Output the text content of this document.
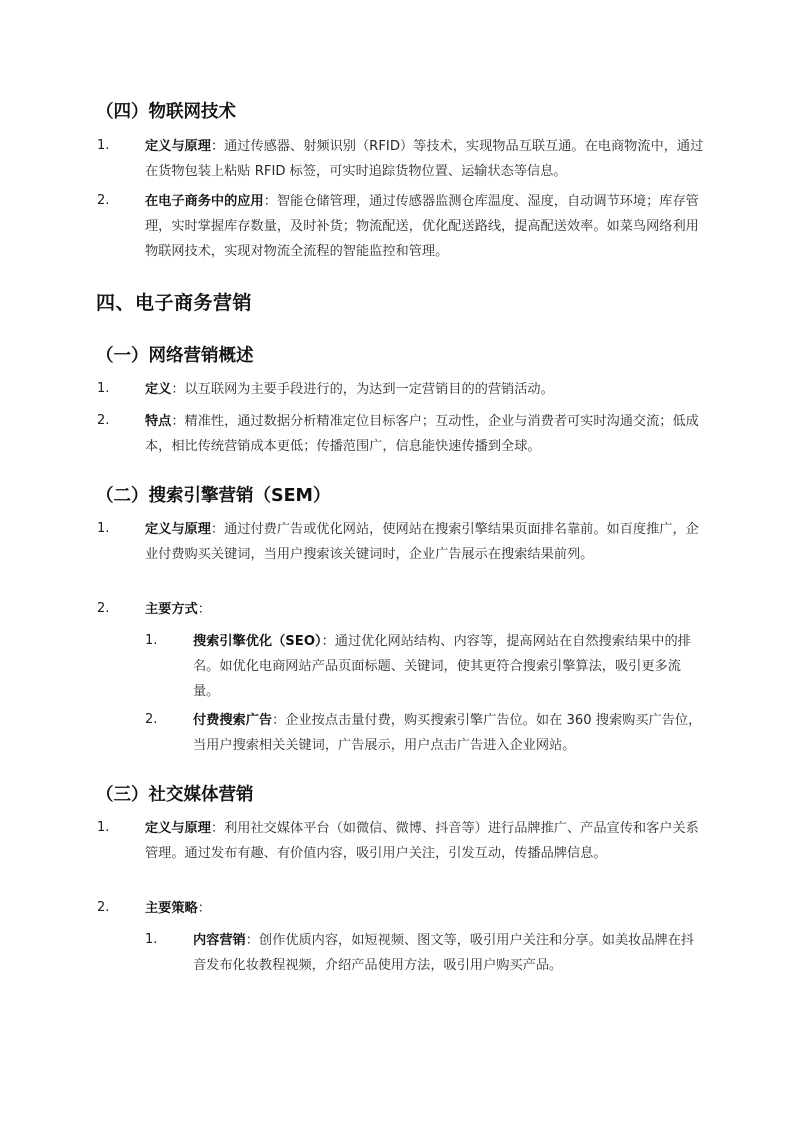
（四）物联网技术
1.	定义与原理：通过传感器、射频识别（RFID）等技术，实现物品互联互通。在电商物流中，通过在货物包装上粘贴 RFID 标签，可实时追踪货物位置、运输状态等信息。

2.	在电子商务中的应用：智能仓储管理，通过传感器监测仓库温度、湿度，自动调节环境；库存管理，实时掌握库存数量，及时补货；物流配送，优化配送路线，提高配送效率。如菜鸟网络利用物联网技术，实现对物流全流程的智能监控和管理。

四、电子商务营销
（一）网络营销概述
1.	定义：以互联网为主要手段进行的，为达到一定营销目的的营销活动。

2.	特点：精准性，通过数据分析精准定位目标客户；互动性，企业与消费者可实时沟通交流；低成本，相比传统营销成本更低；传播范围广，信息能快速传播到全球。

（二）搜索引擎营销（SEM）
1.	定义与原理：通过付费广告或优化网站，使网站在搜索引擎结果页面排名靠前。如百度推广，企业付费购买关键词，当用户搜索该关键词时，企业广告展示在搜索结果前列。

2.	主要方式：

1.	搜索引擎优化（SEO）：通过优化网站结构、内容等，提高网站在自然搜索结果中的排名。如优化电商网站产品页面标题、关键词，使其更符合搜索引擎算法，吸引更多流量。

2.	付费搜索广告：企业按点击量付费，购买搜索引擎广告位。如在 360 搜索购买广告位，当用户搜索相关关键词，广告展示，用户点击广告进入企业网站。

（三）社交媒体营销
1.	定义与原理：利用社交媒体平台（如微信、微博、抖音等）进行品牌推广、产品宣传和客户关系管理。通过发布有趣、有价值内容，吸引用户关注，引发互动，传播品牌信息。

2.	主要策略：

1.	内容营销：创作优质内容，如短视频、图文等，吸引用户关注和分享。如美妆品牌在抖音发布化妆教程视频，介绍产品使用方法，吸引用户购买产品。
